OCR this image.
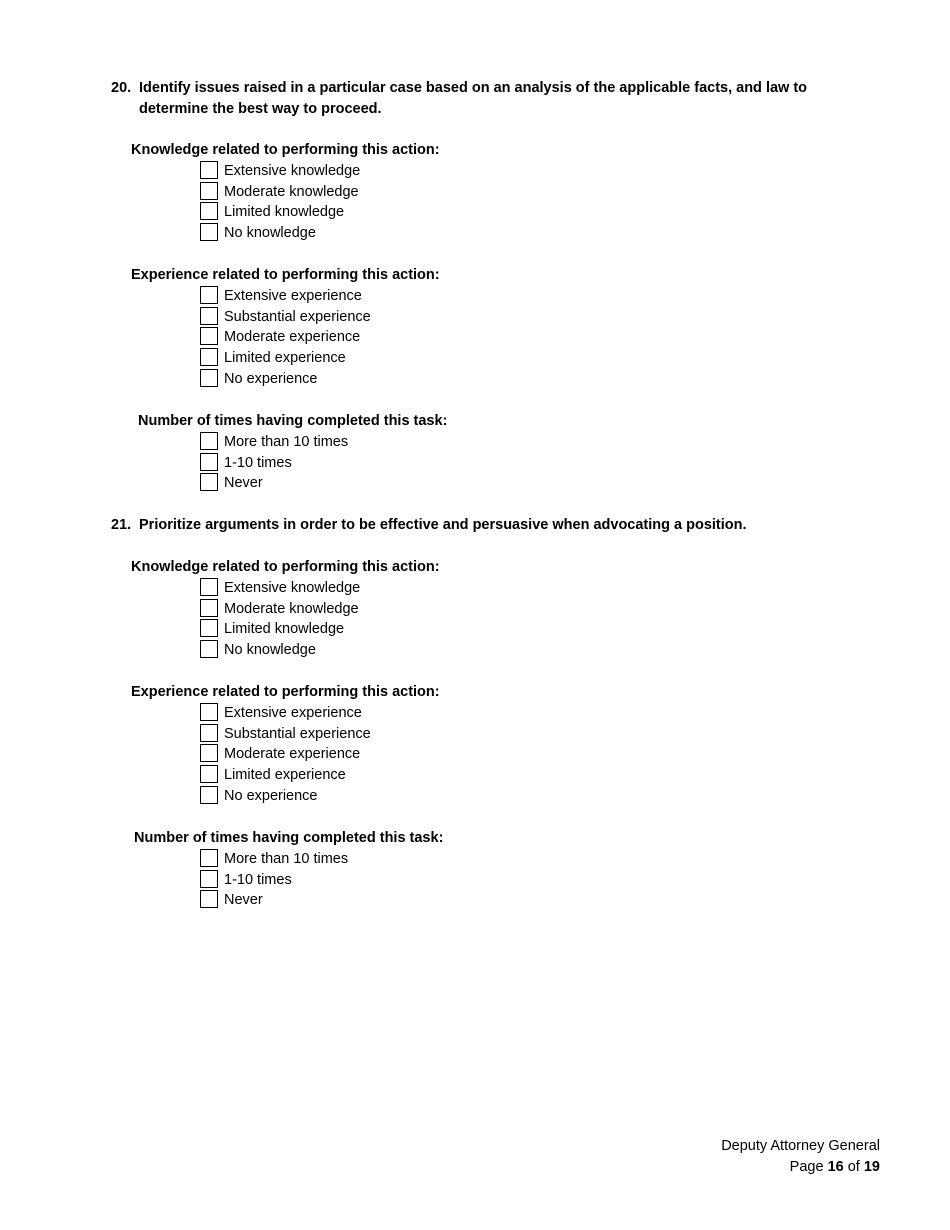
20. Identify issues raised in a particular case based on an analysis of the applicable facts, and law to determine the best way to proceed.
Knowledge related to performing this action:
Extensive knowledge
Moderate knowledge
Limited knowledge
No knowledge
Experience related to performing this action:
Extensive experience
Substantial experience
Moderate experience
Limited experience
No experience
Number of times having completed this task:
More than 10 times
1-10 times
Never
21. Prioritize arguments in order to be effective and persuasive when advocating a position.
Knowledge related to performing this action:
Extensive knowledge
Moderate knowledge
Limited knowledge
No knowledge
Experience related to performing this action:
Extensive experience
Substantial experience
Moderate experience
Limited experience
No experience
Number of times having completed this task:
More than 10 times
1-10 times
Never
Deputy Attorney General
Page 16 of 19
